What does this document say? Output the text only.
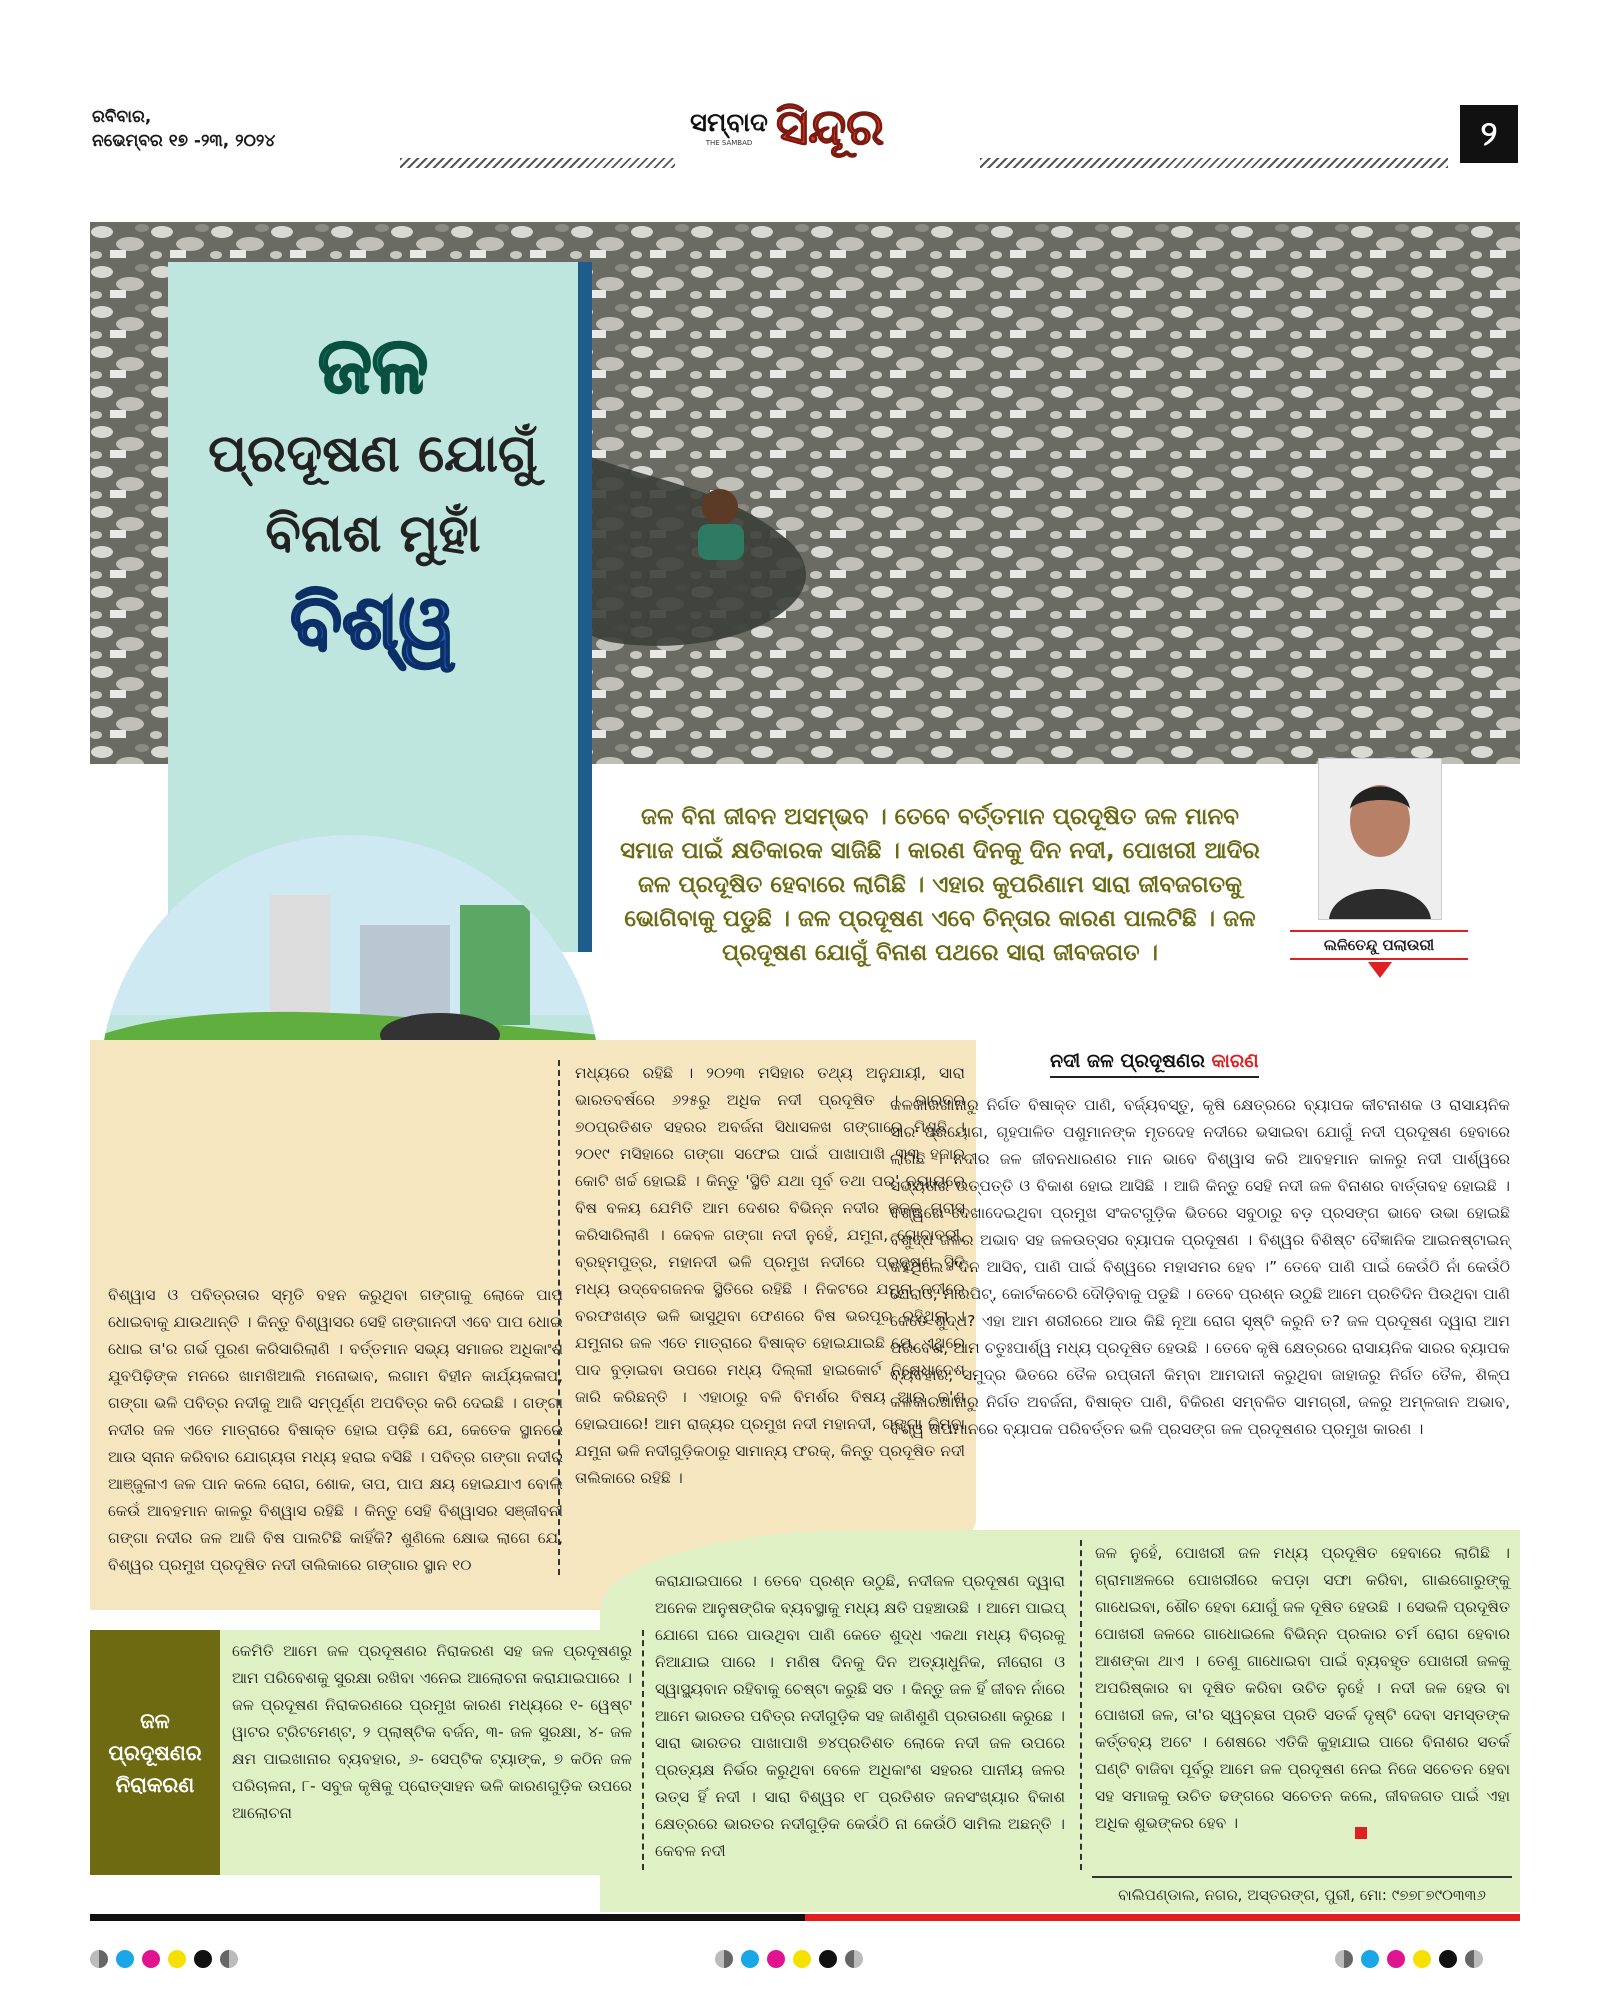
ରବିବାର,
ନଭେମ୍ବର ୧୭ -୨୩, ୨୦୨୪
ସମ୍ବାଦ
THE SAMBAD ସିନ୍ଦୂର	୨
ଜଳ
ପ୍ରଦୂଷଣ ଯୋଗୁଁ
ବିନାଶ ମୁହାଁ
ବିଶ୍ୱ
ଲଳିତେନ୍ଦୁ ପଲାଉରୀ
ଜଳ ବିନା ଜୀବନ ଅସମ୍ଭବ । ତେବେ ବର୍ତ୍ତମାନ ପ୍ରଦୂଷିତ ଜଳ ମାନବ ସମାଜ ପାଇଁ କ୍ଷତିକାରକ ସାଜିଛି । କାରଣ ଦିନକୁ ଦିନ ନଦୀ, ପୋଖରୀ ଆଦିର ଜଳ ପ୍ରଦୂଷିତ ହେବାରେ ଲାଗିଛି । ଏହାର କୁପରିଣାମ ସାରା ଜୀବଜଗତକୁ ଭୋଗିବାକୁ ପଡୁଛି । ଜଳ ପ୍ରଦୂଷଣ ଏବେ ଚିନ୍ତାର କାରଣ ପାଲଟିଛି । ଜଳ ପ୍ରଦୂଷଣ ଯୋଗୁଁ ବିନାଶ ପଥରେ ସାରା ଜୀବଜଗତ ।
ବିଶ୍ୱାସ ଓ ପବିତ୍ରତାର ସ୍ମୃତି ବହନ କରୁଥିବା ଗଙ୍ଗାକୁ ଲୋକେ ପାପ ଧୋଇବାକୁ ଯାଉଥାନ୍ତି । କିନ୍ତୁ ବିଶ୍ୱାସର ସେହି ଗଙ୍ଗାନଦୀ ଏବେ ପାପ ଧୋଇ ଧୋଇ ତା'ର ଗର୍ଭ ପୁରଣ କରିସାରିଲାଣି । ବର୍ତ୍ତମାନ ସଭ୍ୟ ସମାଜର ଅଧିକାଂଶ ଯୁବପିଢ଼ିଙ୍କ ମନରେ ଖାମଖିଆଲି ମନୋଭାବ, ଲଗାମ ବିହୀନ କାର୍ଯ୍ୟକଳାପ, ଗଙ୍ଗା ଭଳି ପବିତ୍ର ନଦୀକୁ ଆଜି ସମ୍ପୂର୍ଣ୍ଣ ଅପବିତ୍ର କରି ଦେଇଛି । ଗଙ୍ଗା ନଦୀର ଜଳ ଏତେ ମାତ୍ରାରେ ବିଷାକ୍ତ ହୋଇ ପଡ଼ିଛି ଯେ, କେତେକ ସ୍ଥାନରେ ଆଉ ସ୍ନାନ କରିବାର ଯୋଗ୍ୟତା ମଧ୍ୟ ହରାଇ ବସିଛି । ପବିତ୍ର ଗଙ୍ଗା ନଦୀର ଆଞ୍ଜୁଳାଏ ଜଳ ପାନ କଲେ ରୋଗ, ଶୋକ, ତାପ, ପାପ କ୍ଷୟ ହୋଇଯାଏ ବୋଲି କେଉଁ ଆବହମାନ କାଳରୁ ବିଶ୍ୱାସ ରହିଛି । କିନ୍ତୁ ସେହି ବିଶ୍ୱାସର ସଞ୍ଜୀବନୀ ଗଙ୍ଗା ନଦୀର ଜଳ ଆଜି ବିଷ ପାଲଟିଛି କାହିଁକି? ଶୁଣିଲେ କ୍ଷୋଭ ଲାଗେ ଯେ, ବିଶ୍ୱର ପ୍ରମୁଖ ପ୍ରଦୂଷିତ ନଦୀ ତାଲିକାରେ ଗଙ୍ଗାର ସ୍ଥାନ ୧୦
ମଧ୍ୟରେ ରହିଛି । ୨୦୨୩ ମସିହାର ତଥ୍ୟ ଅନୁଯାୟୀ, ସାରା ଭାରତବର୍ଷରେ ୬୨୫ରୁ ଅଧିକ ନଦୀ ପ୍ରଦୂଷିତ । ଭାରତର ୭୦ପ୍ରତିଶତ ସହରର ଅବର୍ଜନା ସିଧାସଳଖ ଗଙ୍ଗାରେ ମିଶୁଛି । ୨୦୧୯ ମସିହାରେ ଗଙ୍ଗା ସଫେଇ ପାଇଁ ପାଖାପାଖି ୩୩ ହଜାର କୋଟି ଖର୍ଚ୍ଚ ହୋଇଛି । କିନ୍ତୁ 'ସ୍ଥିତି ଯଥା ପୂର୍ବ ତଥା ପର' ନ୍ୟାୟରେ ବିଷ ବଳୟ ଯେମିତି ଆମ ଦେଶର ବିଭିନ୍ନ ନଦୀର ଜଳକୁ ଗ୍ରାସ କରିସାରିଲାଣି । କେବଳ ଗଙ୍ଗା ନଦୀ ନୁହେଁ, ଯମୁନା, ଗୋଦାବରୀ, ବ୍ରହ୍ମପୁତ୍ର, ମହାନଦୀ ଭଳି ପ୍ରମୁଖ ନଦୀରେ ପ୍ରଦୂଷଣ ସ୍ଥିତି ମଧ୍ୟ ଉଦ୍‌ବେଗଜନକ ସ୍ଥିତିରେ ରହିଛି । ନିକଟରେ ଯମୁନା ନଦୀରେ ବରଫଖଣ୍ଡ ଭଳି ଭାସୁଥିବା ଫେଣରେ ବିଷ ଭରପୂର ରହିଥିଲା । ଯମୁନାର ଜଳ ଏତେ ମାତ୍ରାରେ ବିଷାକ୍ତ ହୋଇଯାଇଛି ଯେ, ଏଥିରେ ପାଦ ବୁଡ଼ାଇବା ଉପରେ ମଧ୍ୟ ଦିଲ୍ଲୀ ହାଇକୋର୍ଟ ନିଷେଧାଦେଶ ଜାରି କରିଛନ୍ତି । ଏହାଠାରୁ ବଳି ବିମର୍ଶର ବିଷୟ ଆଉ କ'ଣ ହୋଇପାରେ! ଆମ ରାଜ୍ୟର ପ୍ରମୁଖ ନଦୀ ମହାନଦୀ, ଗଙ୍ଗା କିମ୍ବା ଯମୁନା ଭଳି ନଦୀଗୁଡ଼ିକଠାରୁ ସାମାନ୍ୟ ଫରକ୍‌, କିନ୍ତୁ ପ୍ରଦୂଷିତ ନଦୀ ତାଲିକାରେ ରହିଛି ।
ନଦୀ ଜଳ ପ୍ରଦୂଷଣର କାରଣ
କଳକାରଖାନାରୁ ନିର୍ଗତ ବିଷାକ୍ତ ପାଣି, ବର୍ଜ୍ୟବସ୍ତୁ, କୃଷି କ୍ଷେତ୍ରରେ ବ୍ୟାପକ କୀଟନାଶକ ଓ ରାସାୟନିକ ସାର ପ୍ରୟୋଗ, ଗୃହପାଳିତ ପଶୁମାନଙ୍କ ମୃତଦେହ ନଦୀରେ ଭସାଇବା ଯୋଗୁଁ ନଦୀ ପ୍ରଦୂଷଣ ହେବାରେ ଲାଗିଛି । ନଦୀର ଜଳ ଜୀବନଧାରଣର ମାନ ଭାବେ ବିଶ୍ୱାସ କରି ଆବହମାନ କାଳରୁ ନଦୀ ପାର୍ଶ୍ୱରେ ସଭ୍ୟତାର ଉତ୍ପତ୍ତି ଓ ବିକାଶ ହୋଇ ଆସିଛି । ଆଜି କିନ୍ତୁ ସେହି ନଦୀ ଜଳ ବିନାଶର ବାର୍ତ୍ତାବହ ହୋଇଛି । ବିଶ୍ୱରେ ଦେଖାଦେଇଥିବା ପ୍ରମୁଖ ସଂକଟଗୁଡ଼ିକ ଭିତରେ ସବୁଠାରୁ ବଡ଼ ପ୍ରସଙ୍ଗ ଭାବେ ଉଭା ହୋଇଛି ବିଶୁଦ୍ଧ ଜଳର ଅଭାବ ସହ ଜଳଉତ୍ସର ବ୍ୟାପକ ପ୍ରଦୂଷଣ । ବିଶ୍ୱର ବିଶିଷ୍ଟ ବୈଜ୍ଞାନିକ ଆଇନଷ୍ଟାଇନ୍‌ କହିଥିଲେ “ଦିନ ଆସିବ, ପାଣି ପାଇଁ ବିଶ୍ୱରେ ମହାସମର ହେବ ।” ତେବେ ପାଣି ପାଇଁ କେଉଁଠି ନାଁ କେଉଁଠି ଘେରାଓ, ମାରପିଟ୍‌, କୋର୍ଟକଚେରି ଦୌଡ଼ିବାକୁ ପଡୁଛି । ତେବେ ପ୍ରଶ୍ନ ଉଠୁଛି ଆମେ ପ୍ରତିଦିନ ପିଉଥିବା ପାଣି କେତେ ଶୁଦ୍ଧ? ଏହା ଆମ ଶରୀରରେ ଆଉ କିଛି ନୂଆ ରୋଗ ସୃଷ୍ଟି କରୁନି ତ? ଜଳ ପ୍ରଦୂଷଣ ଦ୍ୱାରା ଆମ ପରିବେଶ, ଆମ ଚତୁଃପାର୍ଶ୍ୱ ମଧ୍ୟ ପ୍ରଦୂଷିତ ହେଉଛି । ତେବେ କୃଷି କ୍ଷେତ୍ରରେ ରାସାୟନିକ ସାରର ବ୍ୟାପକ ବ୍ୟବହାର, ସମୁଦ୍ର ଭିତରେ ତୈଳ ରପ୍ତାନୀ କିମ୍ବା ଆମଦାନୀ କରୁଥିବା ଜାହାଜରୁ ନିର୍ଗତ ତୈଳ, ଶିଳ୍ପ କଳକାରଖାନାରୁ ନିର୍ଗତ ଅବର୍ଜନା, ବିଷାକ୍ତ ପାଣି, ବିକିରଣ ସମ୍ବଳିତ ସାମଗ୍ରୀ, ଜଳରୁ ଅମ୍ଳଜାନ ଅଭାବ, ବିଶ୍ୱ ତାପମାନରେ ବ୍ୟାପକ ପରିବର୍ତ୍ତନ ଭଳି ପ୍ରସଙ୍ଗ ଜଳ ପ୍ରଦୂଷଣର ପ୍ରମୁଖ କାରଣ ।
ଜଳ ପ୍ରଦୂଷଣର ନିରାକରଣ
କେମିତି ଆମେ ଜଳ ପ୍ରଦୂଷଣର ନିରାକରଣ ସହ ଜଳ ପ୍ରଦୂଷଣରୁ ଆମ ପରିବେଶକୁ ସୁରକ୍ଷା ରଖିବା ଏନେଇ ଆଲୋଚନା କରାଯାଇପାରେ । ଜଳ ପ୍ରଦୂଷଣ ନିରାକରଣରେ ପ୍ରମୁଖ କାରଣ ମଧ୍ୟରେ ୧- ୱେଷ୍ଟ ୱାଟର ଟ୍ରିଟମେଣ୍ଟ, ୨ ପ୍ଲାଷ୍ଟିକ ବର୍ଜନ, ୩- ଜଳ ସୁରକ୍ଷା, ୪- ଜଳ କ୍ଷମ ପାଇଖାନାର ବ୍ୟବହାର, ୬- ସେପ୍ଟିକ ଟ୍ୟାଙ୍କ, ୭ କଠିନ ଜଳ ପରିଚାଳନା, ୮- ସବୁଜ କୃଷିକୁ ପ୍ରୋତ୍ସାହନ ଭଳି କାରଣଗୁଡ଼ିକ ଉପରେ ଆଲୋଚନା
କରାଯାଇପାରେ । ତେବେ ପ୍ରଶ୍ନ ଉଠୁଛି, ନଦୀଜଳ ପ୍ରଦୂଷଣ ଦ୍ୱାରା ଅନେକ ଆନୁଷଙ୍ଗିକ ବ୍ୟବସ୍ଥାକୁ ମଧ୍ୟ କ୍ଷତି ପହଞ୍ଚାଉଛି । ଆମେ ପାଇପ୍‌ ଯୋଗେ ଘରେ ପାଉଥିବା ପାଣି କେତେ ଶୁଦ୍ଧ ଏକଥା ମଧ୍ୟ ବିଚାରକୁ ନିଆଯାଇ ପାରେ । ମଣିଷ ଦିନକୁ ଦିନ ଅତ୍ୟାଧୁନିକ, ନୀରୋଗ ଓ ସ୍ୱାସ୍ଥ୍ୟବାନ ରହିବାକୁ ଚେଷ୍ଟା କରୁଛି ସତ । କିନ୍ତୁ ଜଳ ହିଁ ଜୀବନ ନାଁରେ ଆମେ ଭାରତର ପବିତ୍ର ନଦୀଗୁଡ଼ିକ ସହ ଜାଣିଶୁଣି ପ୍ରତାରଣା କରୁଛେ । ସାରା ଭାରତର ପାଖାପାଖି ୭୪ପ୍ରତିଶତ ଲୋକେ ନଦୀ ଜଳ ଉପରେ ପ୍ରତ୍ୟକ୍ଷ ନିର୍ଭର କରୁଥିବା ବେଳେ ଅଧିକାଂଶ ସହରର ପାନୀୟ ଜଳର ଉତ୍ସ ହିଁ ନଦୀ । ସାରା ବିଶ୍ୱର ୧୮ ପ୍ରତିଶତ ଜନସଂଖ୍ୟାର ବିକାଶ କ୍ଷେତ୍ରରେ ଭାରତର ନଦୀଗୁଡ଼ିକ କେଉଁଠି ନା କେଉଁଠି ସାମିଲ ଅଛନ୍ତି । କେବଳ ନଦୀ
ଜଳ ନୁହେଁ, ପୋଖରୀ ଜଳ ମଧ୍ୟ ପ୍ରଦୂଷିତ ହେବାରେ ଲାଗିଛି । ଗ୍ରାମାଞ୍ଚଳରେ ପୋଖରୀରେ କପଡ଼ା ସଫା କରିବା, ଗାଈଗୋରୁଙ୍କୁ ଗାଧେଇବା, ଶୌଚ ହେବା ଯୋଗୁଁ ଜଳ ଦୂଷିତ ହେଉଛି । ସେଭଳି ପ୍ରଦୂଷିତ ପୋଖରୀ ଜଳରେ ଗାଧୋଇଲେ ବିଭିନ୍ନ ପ୍ରକାର ଚର୍ମ ରୋଗ ହେବାର ଆଶଙ୍କା ଥାଏ । ତେଣୁ ଗାଧୋଇବା ପାଇଁ ବ୍ୟବହୃତ ପୋଖରୀ ଜଳକୁ ଅପରିଷ୍କାର ବା ଦୂଷିତ କରିବା ଉଚିତ ନୁହେଁ । ନଦୀ ଜଳ ହେଉ ବା ପୋଖରୀ ଜଳ, ତା'ର ସ୍ୱଚ୍ଛତା ପ୍ରତି ସତର୍କ ଦୃଷ୍ଟି ଦେବା ସମସ୍ତଙ୍କ କର୍ତ୍ତବ୍ୟ ଅଟେ । ଶେଷରେ ଏତିକି କୁହାଯାଇ ପାରେ ବିନାଶର ସତର୍କ ଘଣ୍ଟି ବାଜିବା ପୂର୍ବରୁ ଆମେ ଜଳ ପ୍ରଦୂଷଣ ନେଇ ନିଜେ ସଚେତନ ହେବା ସହ ସମାଜକୁ ଉଚିତ ଢଙ୍ଗରେ ସଚେତନ କଲେ, ଜୀବଜଗତ ପାଇଁ ଏହା ଅଧିକ ଶୁଭଙ୍କର ହେବ ।
ବାଲିପଣ୍ଡାଲ, ନଗର, ଅସ୍ତରଙ୍ଗ, ପୁରୀ, ମୋ: ୯୭୭୮୭୯୦୩୩୬
